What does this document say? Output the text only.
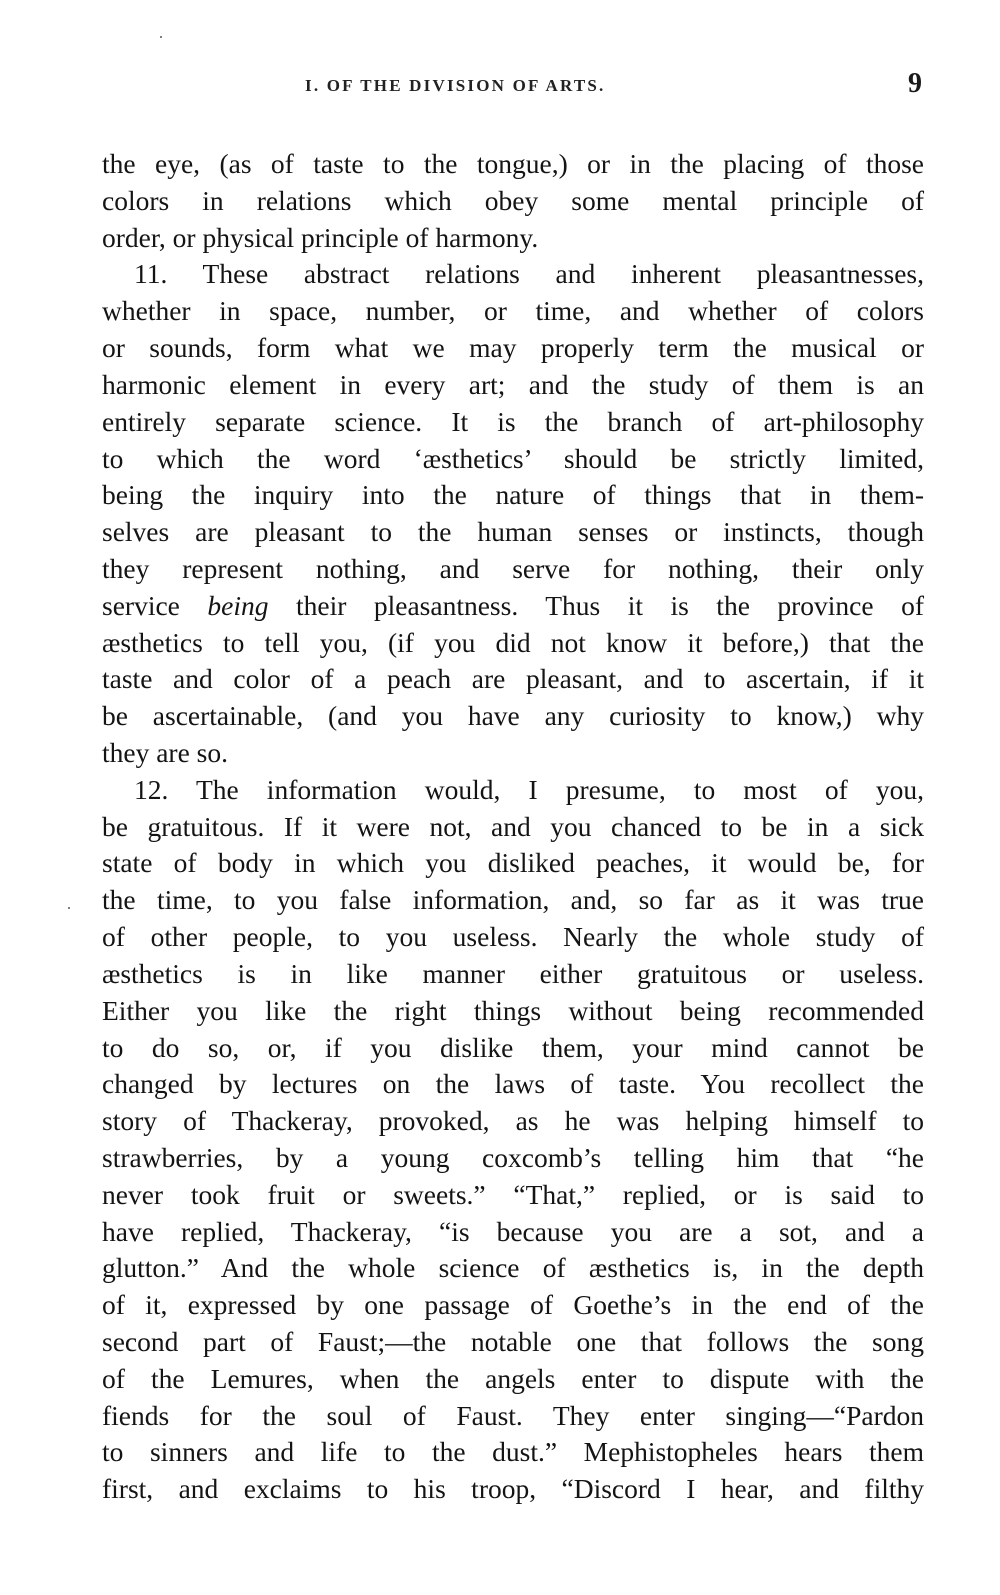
I. OF THE DIVISION OF ARTS.	9
the eye, (as of taste to the tongue,) or in the placing of those
colors in relations which obey some mental principle of
order, or physical principle of harmony.
11. These abstract relations and inherent pleasantnesses,
whether in space, number, or time, and whether of colors
or sounds, form what we may properly term the musical or
harmonic element in every art; and the study of them is an
entirely separate science. It is the branch of art-philosophy
to which the word ‘æsthetics’ should be strictly limited,
being the inquiry into the nature of things that in them-
selves are pleasant to the human senses or instincts, though
they represent nothing, and serve for nothing, their only
service being their pleasantness. Thus it is the province of
æsthetics to tell you, (if you did not know it before,) that the
taste and color of a peach are pleasant, and to ascertain, if it
be ascertainable, (and you have any curiosity to know,) why
they are so.
12. The information would, I presume, to most of you,
be gratuitous. If it were not, and you chanced to be in a sick
state of body in which you disliked peaches, it would be, for
the time, to you false information, and, so far as it was true
of other people, to you useless. Nearly the whole study of
æsthetics is in like manner either gratuitous or useless.
Either you like the right things without being recommended
to do so, or, if you dislike them, your mind cannot be
changed by lectures on the laws of taste. You recollect the
story of Thackeray, provoked, as he was helping himself to
strawberries, by a young coxcomb’s telling him that “he
never took fruit or sweets.” “That,” replied, or is said to
have replied, Thackeray, “is because you are a sot, and a
glutton.” And the whole science of æsthetics is, in the depth
of it, expressed by one passage of Goethe’s in the end of the
second part of Faust;—the notable one that follows the song
of the Lemures, when the angels enter to dispute with the
fiends for the soul of Faust. They enter singing—“Pardon
to sinners and life to the dust.” Mephistopheles hears them
first, and exclaims to his troop, “Discord I hear, and filthy
